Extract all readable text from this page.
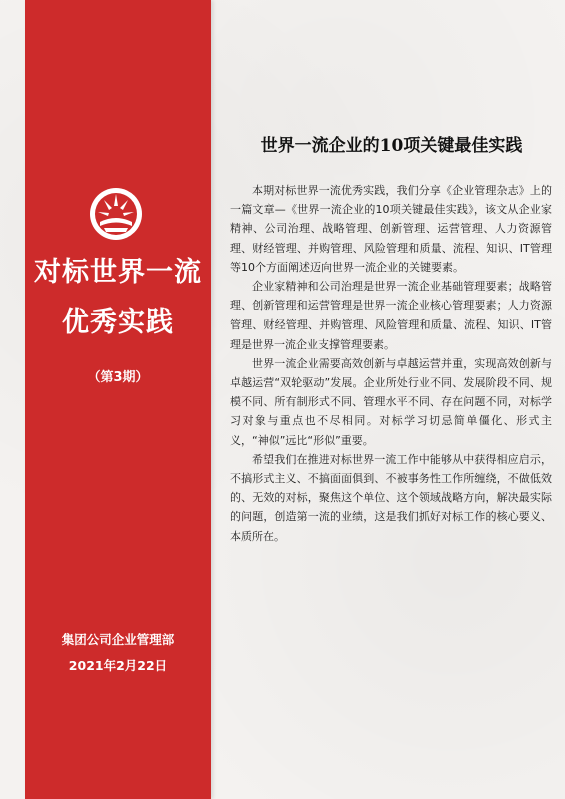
对标世界一流
优秀实践
（第3期）
集团公司企业管理部
2021年2月22日
世界一流企业的10项关键最佳实践

本期对标世界一流优秀实践，我们分享《企业管理杂志》上的一篇文章—《世界一流企业的10项关键最佳实践》，该文从企业家精神、公司治理、战略管理、创新管理、运营管理、人力资源管理、财经管理、并购管理、风险管理和质量、流程、知识、IT管理等10个方面阐述迈向世界一流企业的关键要素。

企业家精神和公司治理是世界一流企业基础管理要素；战略管理、创新管理和运营管理是世界一流企业核心管理要素；人力资源管理、财经管理、并购管理、风险管理和质量、流程、知识、IT管理是世界一流企业支撑管理要素。

世界一流企业需要高效创新与卓越运营并重，实现高效创新与卓越运营“双轮驱动”发展。企业所处行业不同、发展阶段不同、规模不同、所有制形式不同、管理水平不同、存在问题不同，对标学习对象与重点也不尽相同。对标学习切忌简单僵化、形式主义，“神似”远比“形似”重要。

希望我们在推进对标世界一流工作中能够从中获得相应启示，不搞形式主义、不搞面面俱到、不被事务性工作所缠绕，不做低效的、无效的对标，聚焦这个单位、这个领域战略方向，解决最实际的问题，创造第一流的业绩，这是我们抓好对标工作的核心要义、本质所在。
